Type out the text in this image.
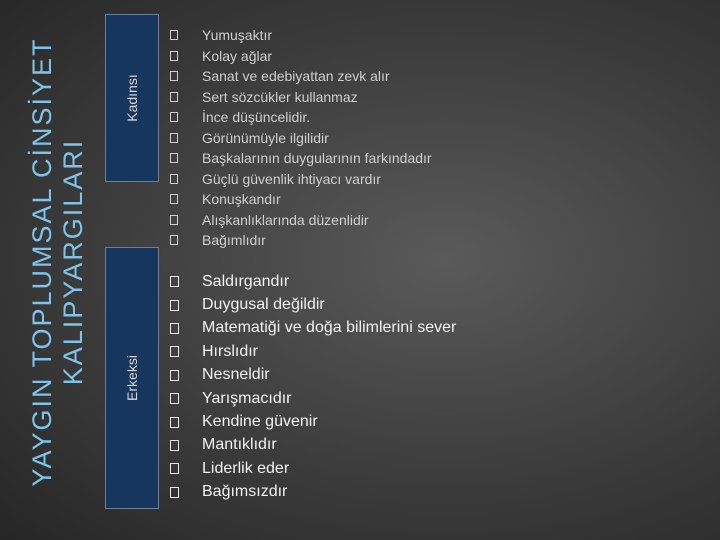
YAYGIN TOPLUMSAL CİNSİYET KALIPYARGILARI
Kadınsı
Erkeksi
Yumuşaktır
Kolay ağlar
Sanat ve edebiyattan zevk alır
Sert sözcükler kullanmaz
İnce düşüncelidir.
Görünümüyle ilgilidir
Başkalarının duygularının farkındadır
Güçlü güvenlik ihtiyacı vardır
Konuşkandır
Alışkanlıklarında düzenlidir
Bağımlıdır
Saldırgandır
Duygusal değildir
Matematiği ve doğa bilimlerini sever
Hırslıdır
Nesneldir
Yarışmacıdır
Kendine güvenir
Mantıklıdır
Liderlik eder
Bağımsızdır
